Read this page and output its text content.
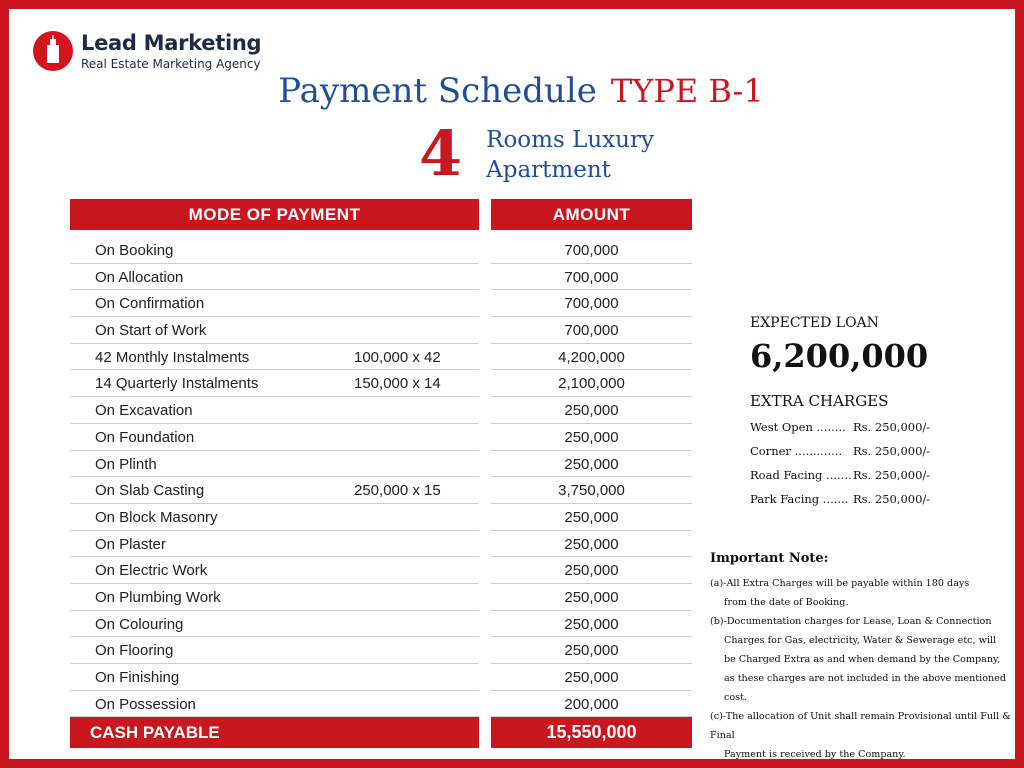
Lead Marketing
Real Estate Marketing Agency
Payment Schedule TYPE B-1
4 Rooms Luxury
Apartment
MODE OF PAYMENT	AMOUNT
On Booking	700,000
On Allocation	700,000
On Confirmation	700,000
On Start of Work	700,000
42 Monthly Instalments	100,000 x 42	4,200,000
14 Quarterly Instalments	150,000 x 14	2,100,000
On Excavation	250,000
On Foundation	250,000
On Plinth	250,000
On Slab Casting	250,000 x 15	3,750,000
On Block Masonry	250,000
On Plaster	250,000
On Electric Work	250,000
On Plumbing Work	250,000
On Colouring	250,000
On Flooring	250,000
On Finishing	250,000
On Possession	200,000
CASH PAYABLE	15,550,000
EXPECTED LOAN
6,200,000
EXTRA CHARGES
West Open ........ Rs. 250,000/-
Corner ............. Rs. 250,000/-
Road Facing ....... Rs. 250,000/-
Park Facing ....... Rs. 250,000/-
Important Note:
(a)-All Extra Charges will be payable within 180 days
from the date of Booking.
(b)-Documentation charges for Lease, Loan & Connection
Charges for Gas, electricity, Water & Sewerage etc, will
be Charged Extra as and when demand by the Company,
as these charges are not included in the above mentioned cost.
(c)-The allocation of Unit shall remain Provisional until Full & Final
Payment is received by the Company.
